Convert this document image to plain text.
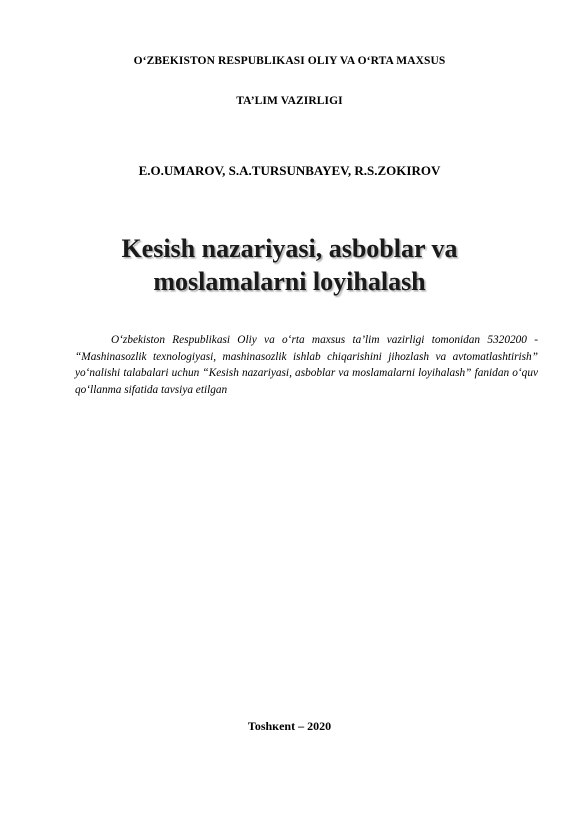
O‘ZBEKISTON RESPUBLIKASI OLIY VA O‘RTA MAXSUS
TA’LIM VAZIRLIGI
E.O.UMAROV, S.A.TURSUNBAYEV, R.S.ZOKIROV
Kesish nazariyasi, asboblar va
moslamalarni loyihalash

O‘zbekiston Respublikasi Oliy va o‘rta maxsus ta’lim vazirligi tomonidan 5320200 - “Mashinasozlik texnologiyasi, mashinasozlik ishlab chiqarishini jihozlash va avtomatlashtirish” yo‘nalishi talabalari uchun “Kesish nazariyasi, asboblar va moslamalarni loyihalash” fanidan o‘quv qo‘llanma sifatida tavsiya etilgan

Toshкent – 2020
